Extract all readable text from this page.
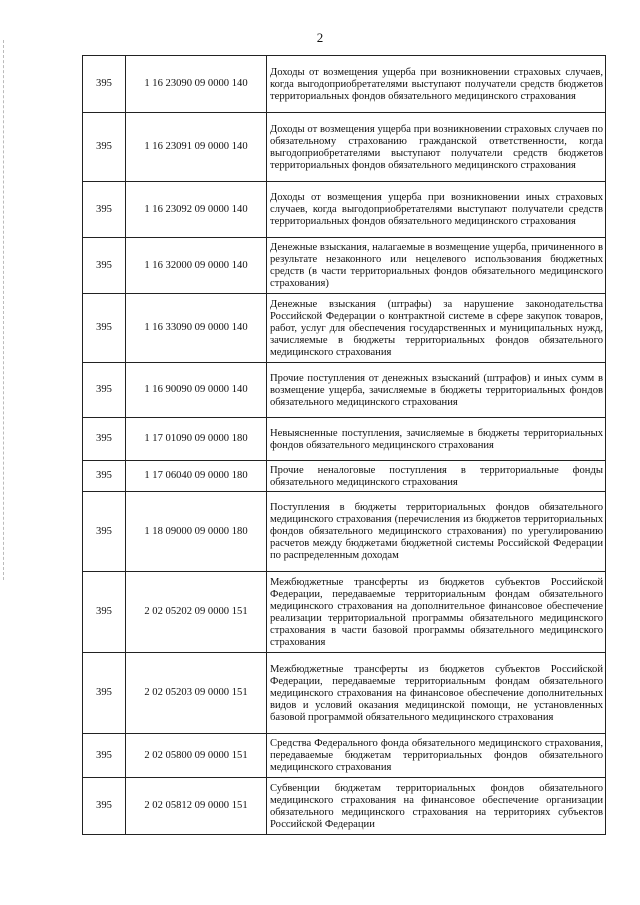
2
395	1 16 23090 09 0000 140	Доходы от возмещения ущерба при возникновении страховых случаев, когда выгодоприобретателями выступают получатели средств бюджетов территориальных фондов обязательного медицинского страхования
395	1 16 23091 09 0000 140	Доходы от возмещения ущерба при возникновении страховых случаев по обязательному страхованию гражданской ответственности, когда выгодоприобретателями выступают получатели средств бюджетов территориальных фондов обязательного медицинского страхования
395	1 16 23092 09 0000 140	Доходы от возмещения ущерба при возникновении иных страховых случаев, когда выгодоприобретателями выступают получатели средств территориальных фондов обязательного медицинского страхования
395	1 16 32000 09 0000 140	Денежные взыскания, налагаемые в возмещение ущерба, причиненного в результате незаконного или нецелевого использования бюджетных средств (в части территориальных фондов обязательного медицинского страхования)
395	1 16 33090 09 0000 140	Денежные взыскания (штрафы) за нарушение законодательства Российской Федерации о контрактной системе в сфере закупок товаров, работ, услуг для обеспечения государственных и муниципальных нужд, зачисляемые в бюджеты территориальных фондов обязательного медицинского страхования
395	1 16 90090 09 0000 140	Прочие поступления от денежных взысканий (штрафов) и иных сумм в возмещение ущерба, зачисляемые в бюджеты территориальных фондов обязательного медицинского страхования
395	1 17 01090 09 0000 180	Невыясненные поступления, зачисляемые в бюджеты территориальных фондов обязательного медицинского страхования
395	1 17 06040 09 0000 180	Прочие неналоговые поступления в территориальные фонды обязательного медицинского страхования
395	1 18 09000 09 0000 180	Поступления в бюджеты территориальных фондов обязательного медицинского страхования (перечисления из бюджетов территориальных фондов обязательного медицинского страхования) по урегулированию расчетов между бюджетами бюджетной системы Российской Федерации по распределенным доходам
395	2 02 05202 09 0000 151	Межбюджетные трансферты из бюджетов субъектов Российской Федерации, передаваемые территориальным фондам обязательного медицинского страхования на дополнительное финансовое обеспечение реализации территориальной программы обязательного медицинского страхования в части базовой программы обязательного медицинского страхования
395	2 02 05203 09 0000 151	Межбюджетные трансферты из бюджетов субъектов Российской Федерации, передаваемые территориальным фондам обязательного медицинского страхования на финансовое обеспечение дополнительных видов и условий оказания медицинской помощи, не установленных базовой программой обязательного медицинского страхования
395	2 02 05800 09 0000 151	Средства Федерального фонда обязательного медицинского страхования, передаваемые бюджетам территориальных фондов обязательного медицинского страхования
395	2 02 05812 09 0000 151	Субвенции бюджетам территориальных фондов обязательного медицинского страхования на финансовое обеспечение организации обязательного медицинского страхования на территориях субъектов Российской Федерации
